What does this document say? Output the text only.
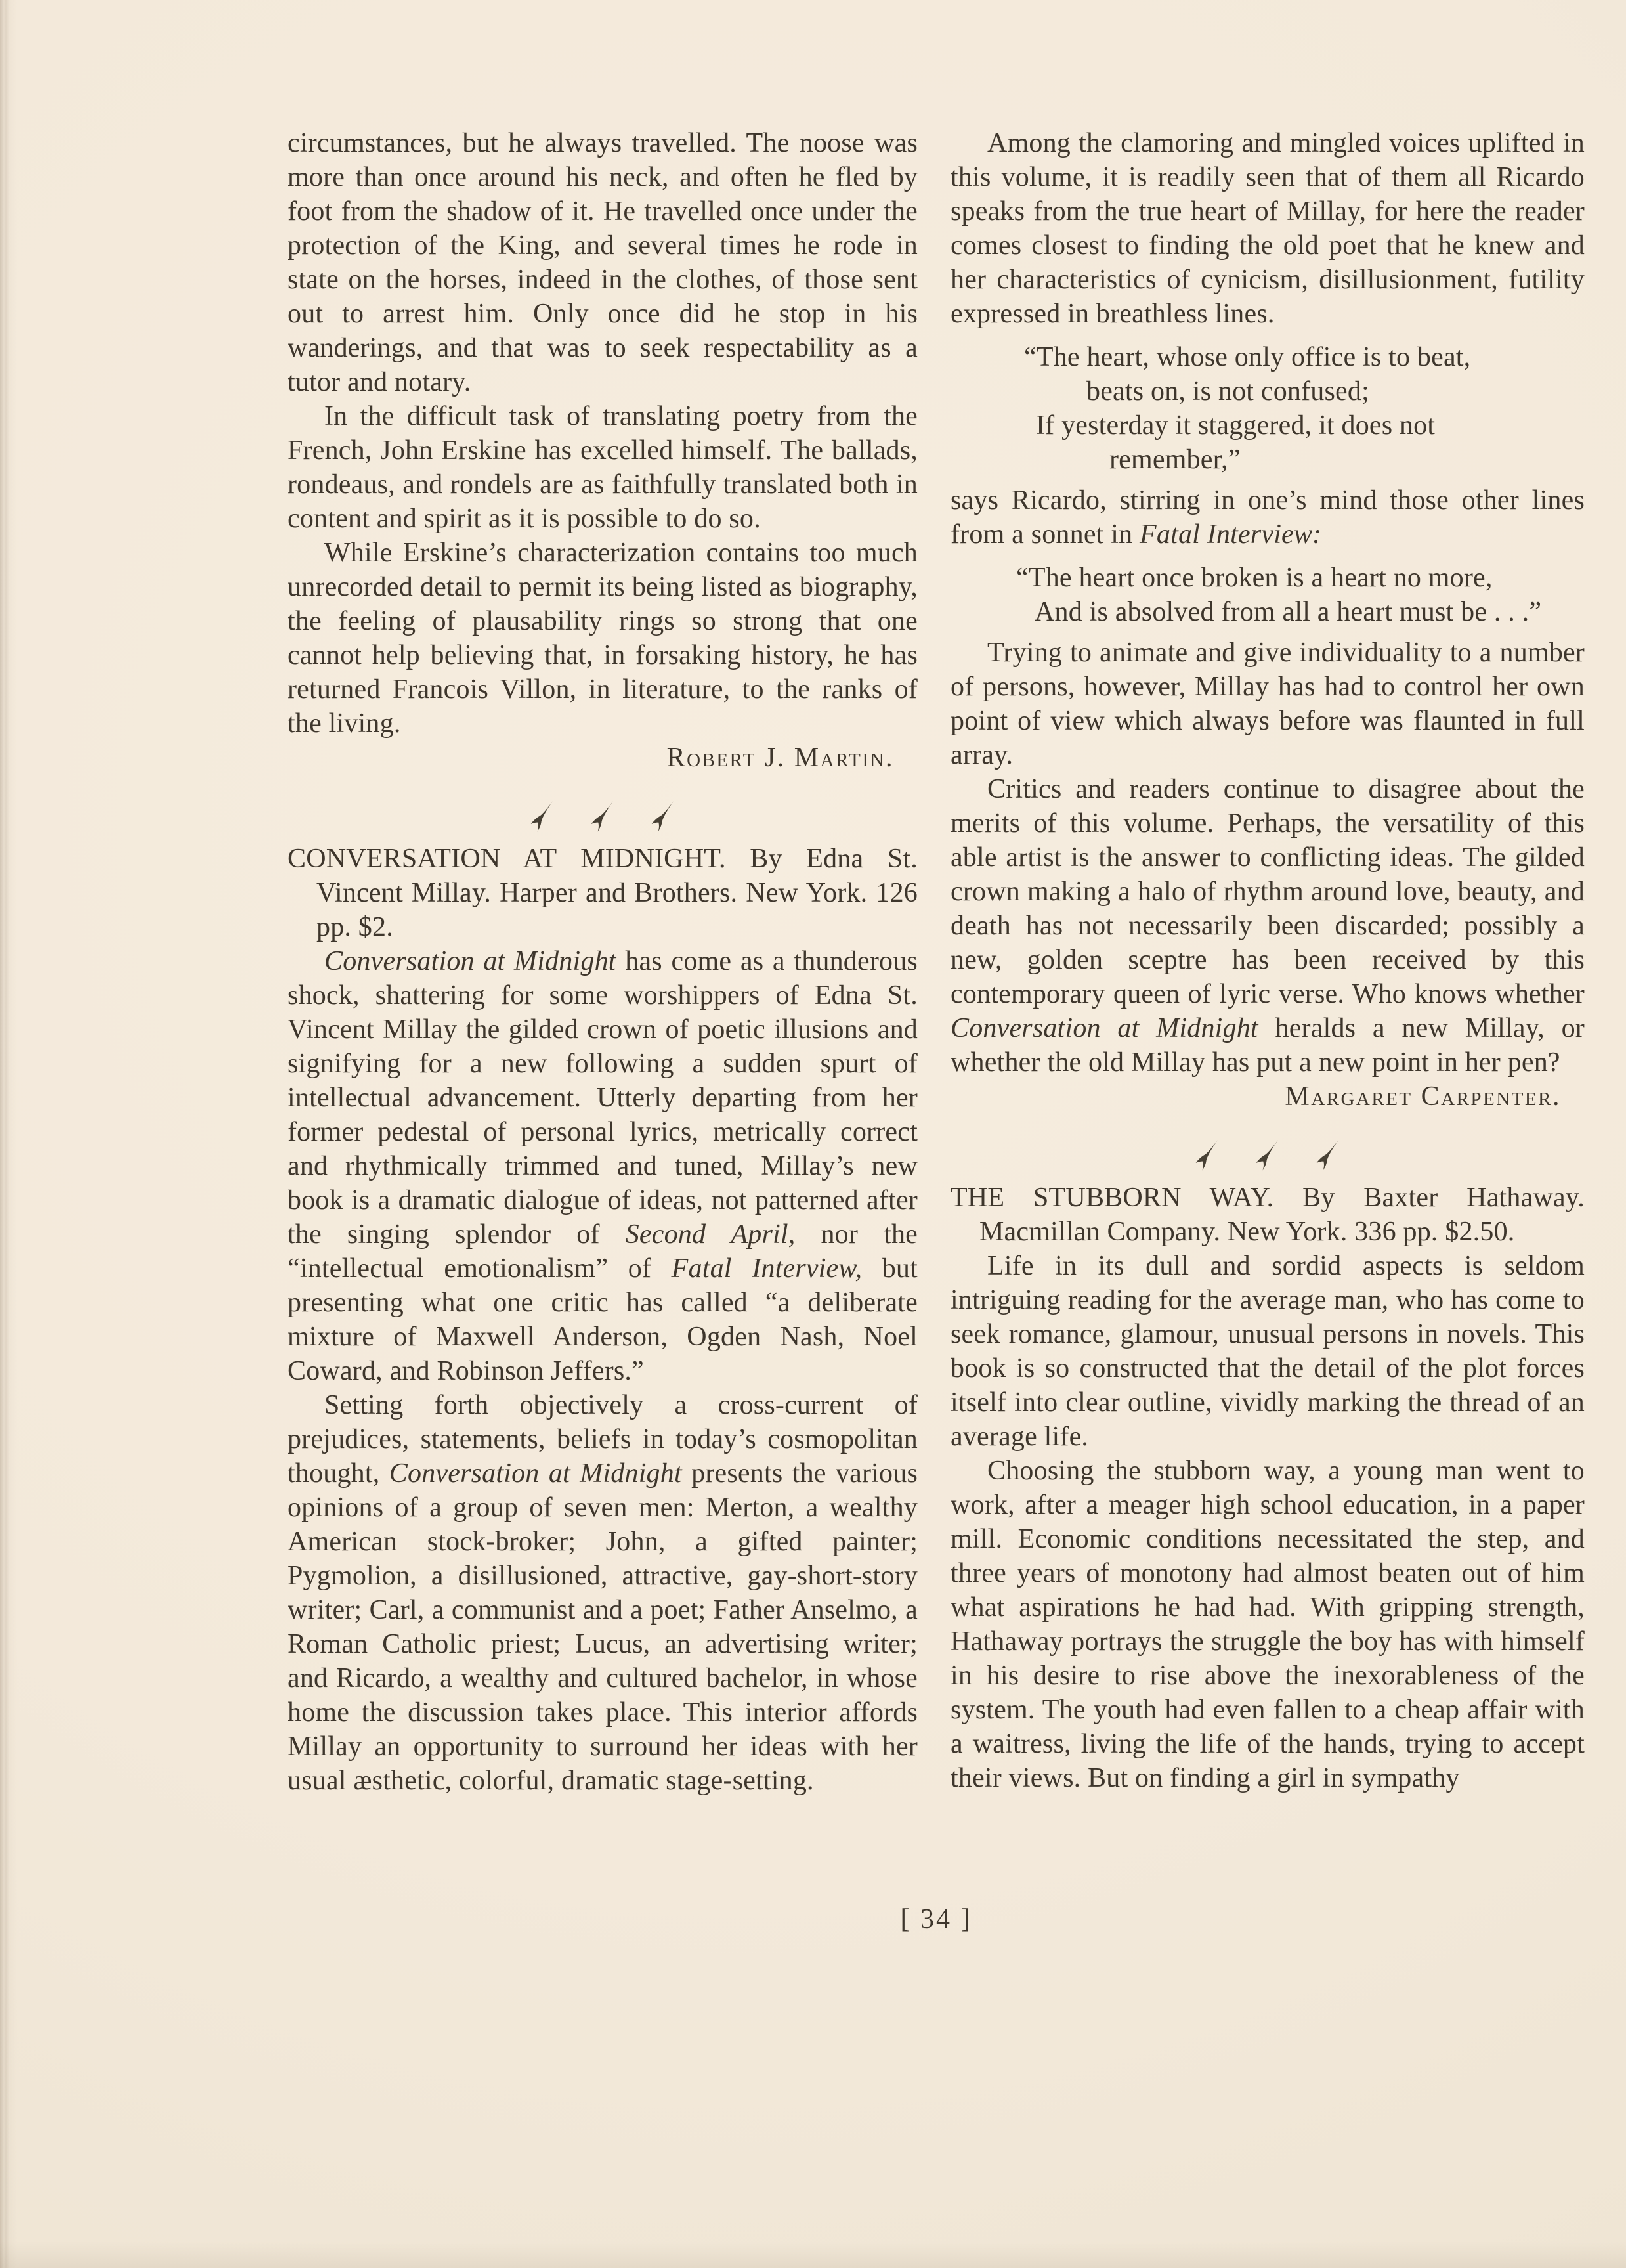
circumstances, but he always travelled. The noose was more than once around his neck, and often he fled by foot from the shadow of it. He travelled once under the protection of the King, and several times he rode in state on the horses, indeed in the clothes, of those sent out to arrest him. Only once did he stop in his wanderings, and that was to seek respectability as a tutor and notary.

In the difficult task of translating poetry from the French, John Erskine has excelled himself. The ballads, rondeaus, and rondels are as faithfully translated both in content and spirit as it is possible to do so.

While Erskine’s characterization contains too much unrecorded detail to permit its being listed as biography, the feeling of plausability rings so strong that one cannot help believing that, in forsaking history, he has returned Francois Villon, in literature, to the ranks of the living.

Robert J. Martin.

CONVERSATION AT MIDNIGHT. By Edna St. Vincent Millay. Harper and Brothers. New York. 126 pp. $2.

Conversation at Midnight has come as a thunderous shock, shattering for some worshippers of Edna St. Vincent Millay the gilded crown of poetic illusions and signifying for a new following a sudden spurt of intellectual advancement. Utterly departing from her former pedestal of personal lyrics, metrically correct and rhythmically trimmed and tuned, Millay’s new book is a dramatic dialogue of ideas, not patterned after the singing splendor of Second April, nor the “intellectual emotionalism” of Fatal Interview, but presenting what one critic has called “a deliberate mixture of Maxwell Anderson, Ogden Nash, Noel Coward, and Robinson Jeffers.”

Setting forth objectively a cross-current of prejudices, statements, beliefs in today’s cosmopolitan thought, Conversation at Midnight presents the various opinions of a group of seven men: Merton, a wealthy American stock-broker; John, a gifted painter; Pygmolion, a disillusioned, attractive, gay-short-story writer; Carl, a communist and a poet; Father Anselmo, a Roman Catholic priest; Lucus, an advertising writer; and Ricardo, a wealthy and cultured bachelor, in whose home the discussion takes place. This interior affords Millay an opportunity to surround her ideas with her usual æsthetic, colorful, dramatic stage-setting.

Among the clamoring and mingled voices uplifted in this volume, it is readily seen that of them all Ricardo speaks from the true heart of Millay, for here the reader comes closest to finding the old poet that he knew and her characteristics of cynicism, disillusionment, futility expressed in breathless lines.

“The heart, whose only office is to beat,
beats on, is not confused;
If yesterday it staggered, it does not
remember,”

says Ricardo, stirring in one’s mind those other lines from a sonnet in Fatal Interview:

“The heart once broken is a heart no more,
And is absolved from all a heart must be . . .”

Trying to animate and give individuality to a number of persons, however, Millay has had to control her own point of view which always before was flaunted in full array.

Critics and readers continue to disagree about the merits of this volume. Perhaps, the versatility of this able artist is the answer to conflicting ideas. The gilded crown making a halo of rhythm around love, beauty, and death has not necessarily been discarded; possibly a new, golden sceptre has been received by this contemporary queen of lyric verse. Who knows whether Conversation at Midnight heralds a new Millay, or whether the old Millay has put a new point in her pen?

Margaret Carpenter.

THE STUBBORN WAY. By Baxter Hathaway. Macmillan Company. New York. 336 pp. $2.50.

Life in its dull and sordid aspects is seldom intriguing reading for the average man, who has come to seek romance, glamour, unusual persons in novels. This book is so constructed that the detail of the plot forces itself into clear outline, vividly marking the thread of an average life.

Choosing the stubborn way, a young man went to work, after a meager high school education, in a paper mill. Economic conditions necessitated the step, and three years of monotony had almost beaten out of him what aspirations he had had. With gripping strength, Hathaway portrays the struggle the boy has with himself in his desire to rise above the inexorableness of the system. The youth had even fallen to a cheap affair with a waitress, living the life of the hands, trying to accept their views. But on finding a girl in sympathy

[ 34 ]
